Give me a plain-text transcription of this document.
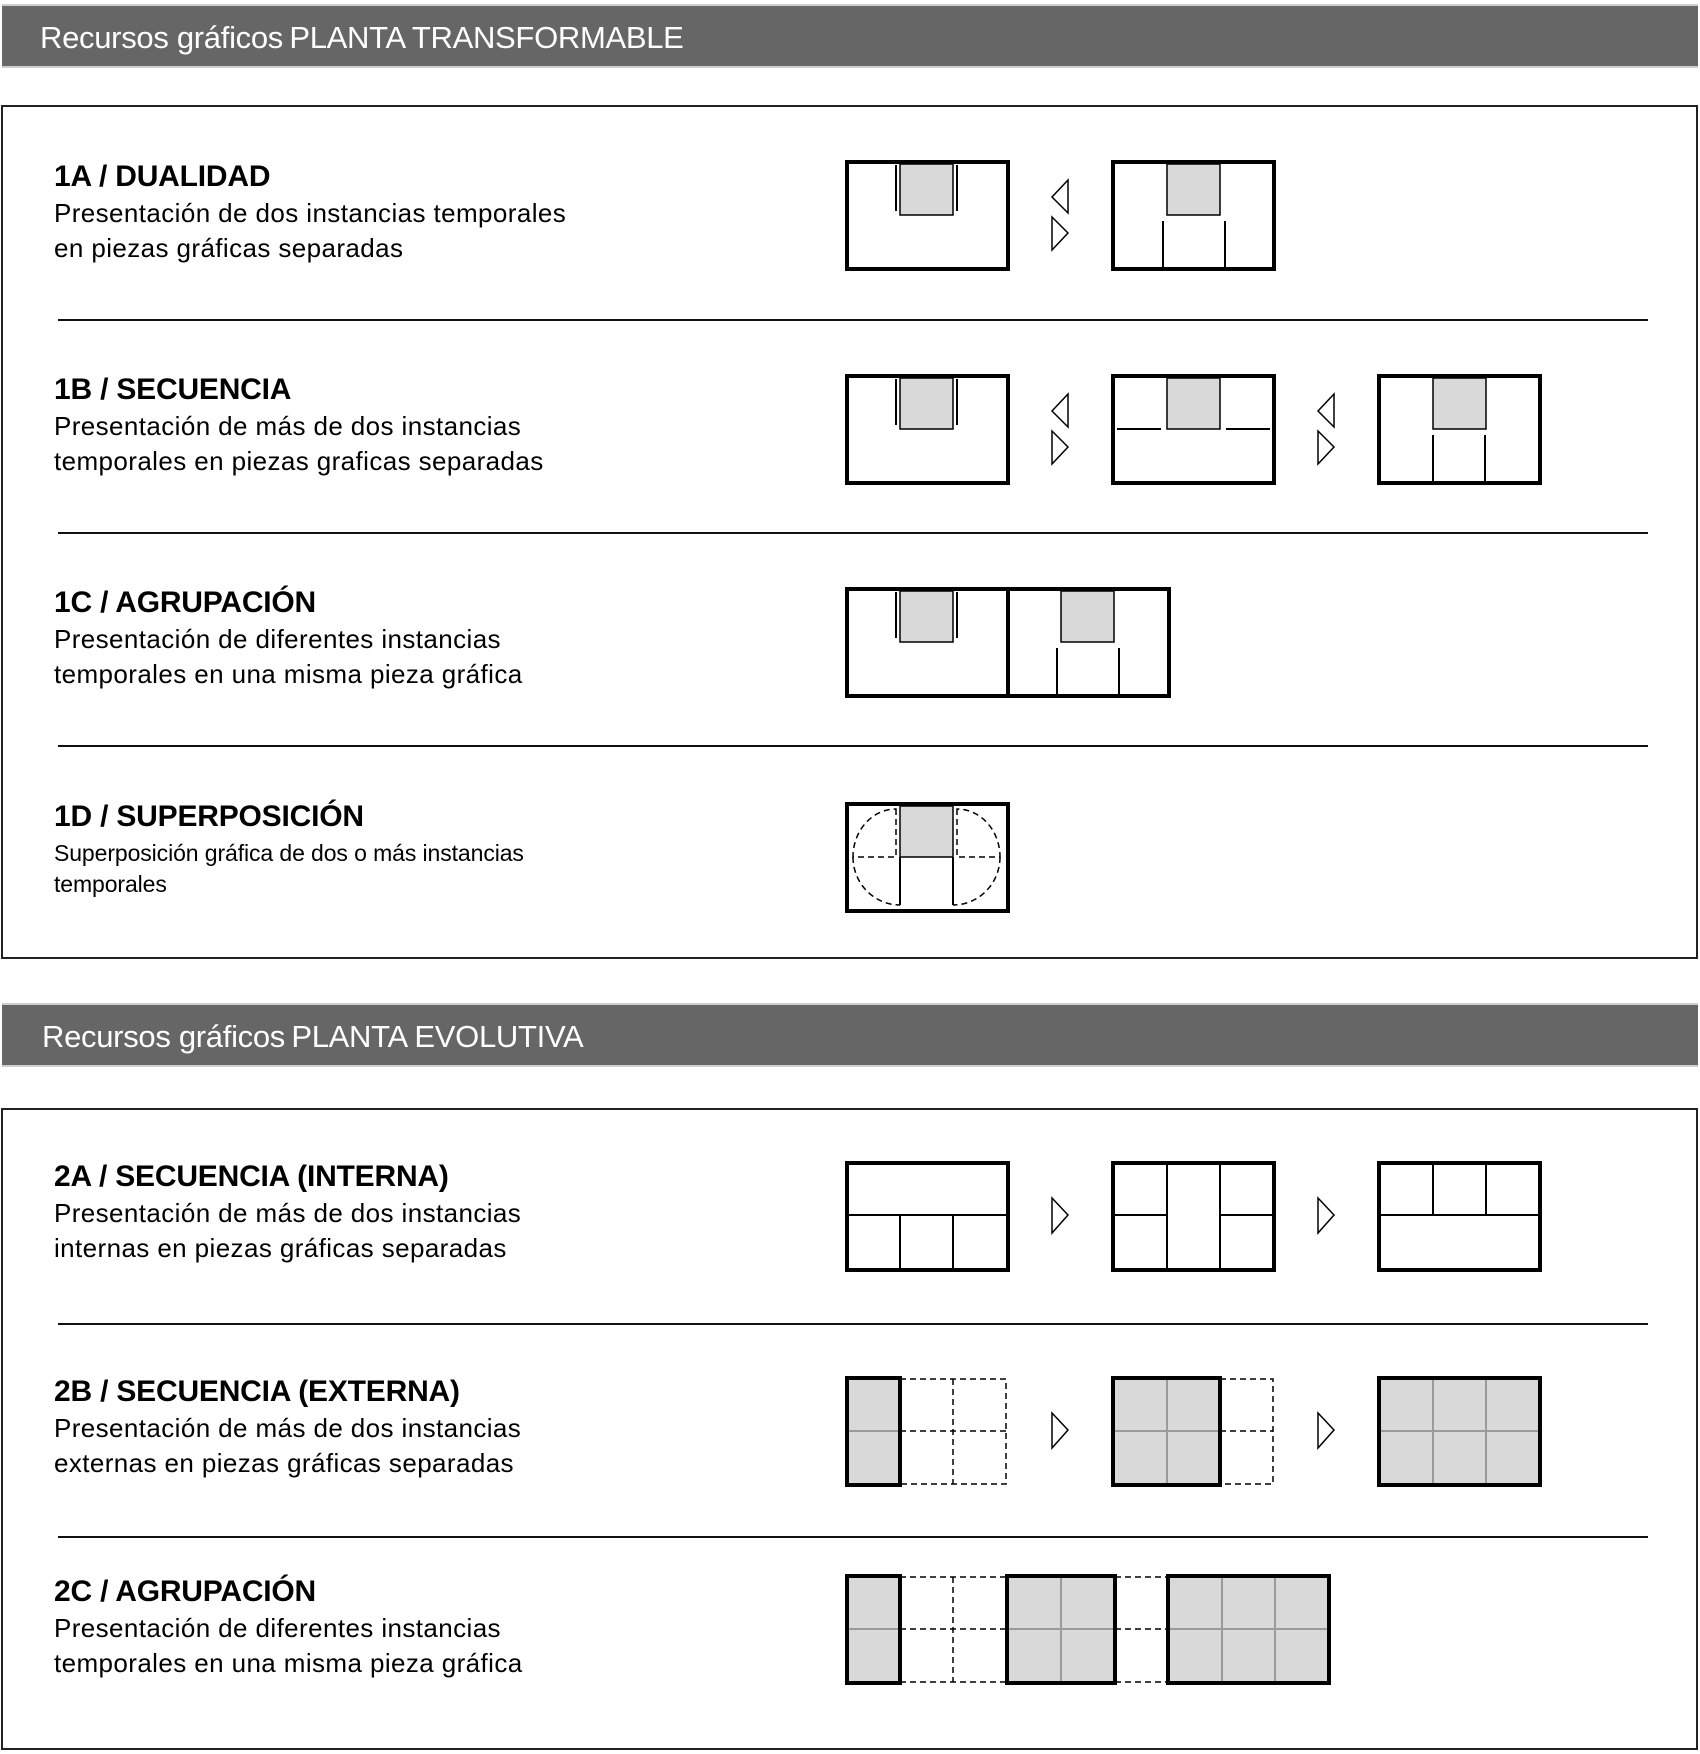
Recursos gráficos PLANTA TRANSFORMABLE
1A / DUALIDAD
Presentación de dos instancias temporales
en piezas gráficas separadas
1B / SECUENCIA
Presentación de más de dos instancias
temporales en piezas graficas separadas
1C / AGRUPACIÓN
Presentación de diferentes instancias
temporales en una misma pieza gráfica
1D / SUPERPOSICIÓN
Superposición gráfica de dos o más instancias
temporales
Recursos gráficos PLANTA EVOLUTIVA
2A / SECUENCIA (INTERNA)
Presentación de más de dos instancias
internas en piezas gráficas separadas
2B / SECUENCIA (EXTERNA)
Presentación de más de dos instancias
externas en piezas gráficas separadas
2C / AGRUPACIÓN
Presentación de diferentes instancias
temporales en una misma pieza gráfica
